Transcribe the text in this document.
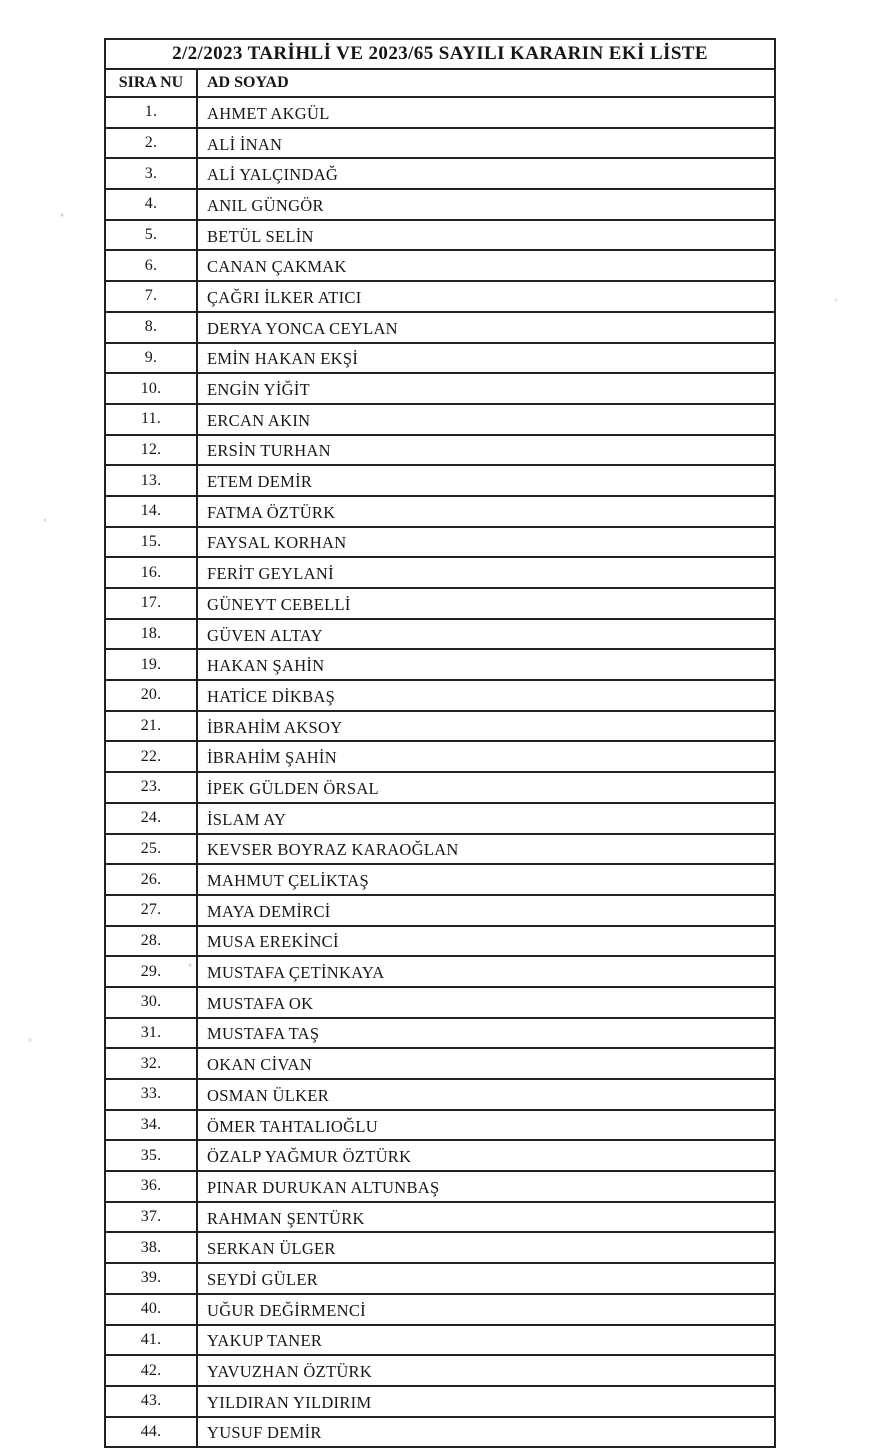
2/2/2023 TARİHLİ VE 2023/65 SAYILI KARARIN EKİ LİSTE	
SIRA NU	AD SOYAD
1.	AHMET AKGÜL
2.	ALİ İNAN
3.	ALİ YALÇINDAĞ
4.	ANIL GÜNGÖR
5.	BETÜL SELİN
6.	CANAN ÇAKMAK
7.	ÇAĞRI İLKER ATICI
8.	DERYA YONCA CEYLAN
9.	EMİN HAKAN EKŞİ
10.	ENGİN YİĞİT
11.	ERCAN AKIN
12.	ERSİN TURHAN
13.	ETEM DEMİR
14.	FATMA ÖZTÜRK
15.	FAYSAL KORHAN
16.	FERİT GEYLANİ
17.	GÜNEYT CEBELLİ
18.	GÜVEN ALTAY
19.	HAKAN ŞAHİN
20.	HATİCE DİKBAŞ
21.	İBRAHİM AKSOY
22.	İBRAHİM ŞAHİN
23.	İPEK GÜLDEN ÖRSAL
24.	İSLAM AY
25.	KEVSER BOYRAZ KARAOĞLAN
26.	MAHMUT ÇELİKTAŞ
27.	MAYA DEMİRCİ
28.	MUSA EREKİNCİ
29.	MUSTAFA ÇETİNKAYA
30.	MUSTAFA OK
31.	MUSTAFA TAŞ
32.	OKAN CİVAN
33.	OSMAN ÜLKER
34.	ÖMER TAHTALIOĞLU
35.	ÖZALP YAĞMUR ÖZTÜRK
36.	PINAR DURUKAN ALTUNBAŞ
37.	RAHMAN ŞENTÜRK
38.	SERKAN ÜLGER
39.	SEYDİ GÜLER
40.	UĞUR DEĞİRMENCİ
41.	YAKUP TANER
42.	YAVUZHAN ÖZTÜRK
43.	YILDIRAN YILDIRIM
44.	YUSUF DEMİR
